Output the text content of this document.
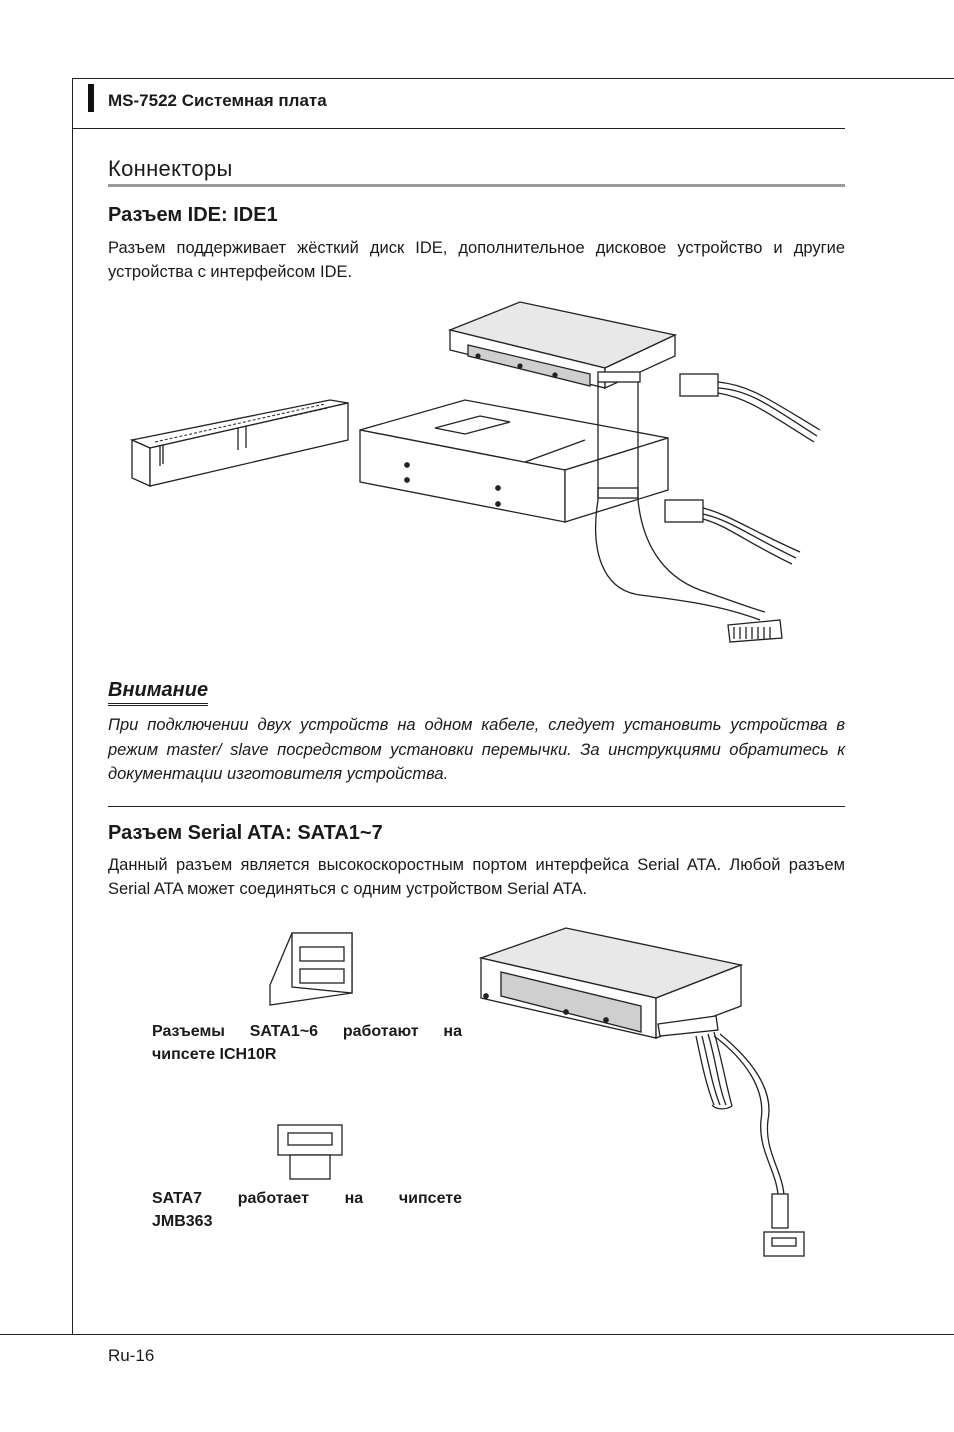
MS-7522 Системная плата
Коннекторы
Разъем IDE: IDE1
Разъем поддерживает жёсткий диск IDE, дополнительное дисковое устройство и другие устройства с интерфейсом IDE.
Внимание
При подключении двух устройств на одном кабеле, следует установить устройства в режим master/ slave посредством установки перемычки. За инструкциями обратитесь к документации изготовителя устройства.
Разъем Serial ATA: SATA1~7
Данный разъем является высокоскоростным портом интерфейса Serial ATA. Любой разъем Serial ATA может соединяться с одним устройством Serial ATA.
Разъемы SATA1~6 работают на
чипсете ICH10R
SATA7 работает на чипсете
JMB363
Ru-16
